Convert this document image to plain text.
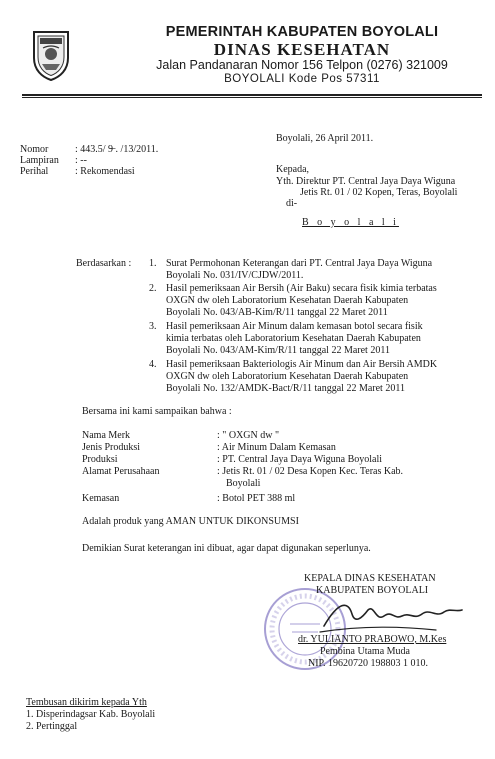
PEMERINTAH KABUPATEN BOYOLALI
DINAS KESEHATAN
Jalan Pandanaran Nomor 156 Telpon (0276) 321009
BOYOLALI Kode Pos 57311
Boyolali, 26 April 2011.
Nomor	: 443.5/ 9̶ . /13/2011.
Lampiran : --
Perihal	: Rekomendasi	Kepada,
Yth. Direktur PT. Central Jaya Daya Wiguna
Jetis Rt. 01 / 02 Kopen, Teras, Boyolali
di-
B o y o l a l i
Berdasarkan : 1. Surat Permohonan Keterangan dari PT. Central Jaya Daya Wiguna
Boyolali No. 031/IV/CJDW/2011.
2. Hasil pemeriksaan Air Bersih (Air Baku) secara fisik kimia terbatas
OXGN dw oleh Laboratorium Kesehatan Daerah Kabupaten
Boyolali No. 043/AB-Kim/R/11 tanggal 22 Maret 2011
3. Hasil pemeriksaan Air Minum dalam kemasan botol secara fisik
kimia terbatas oleh Laboratorium Kesehatan Daerah Kabupaten
Boyolali No. 043/AM-Kim/R/11 tanggal 22 Maret 2011
4. Hasil pemeriksaan Bakteriologis Air Minum dan Air Bersih AMDK
OXGN dw oleh Laboratorium Kesehatan Daerah Kabupaten
Boyolali No. 132/AMDK-Bact/R/11 tanggal 22 Maret 2011
Bersama ini kami sampaikan bahwa :
Nama Merk	: " OXGN dw "
Jenis Produksi	: Air Minum Dalam Kemasan
Produksi	: PT. Central Jaya Daya Wiguna Boyolali
Alamat Perusahaan	: Jetis Rt. 01 / 02 Desa Kopen Kec. Teras Kab.
Boyolali
Kemasan	: Botol PET 388 ml
Adalah produk yang AMAN UNTUK DIKONSUMSI
Demikian Surat keterangan ini dibuat, agar dapat digunakan seperlunya.
KEPALA DINAS KESEHATAN
KABUPATEN BOYOLALI
dr. YULIANTO PRABOWO, M.Kes
Pembina Utama Muda
NIP. 19620720 198803 1 010.
Tembusan dikirim kepada Yth
1. Disperindagsar Kab. Boyolali
2. Pertinggal
